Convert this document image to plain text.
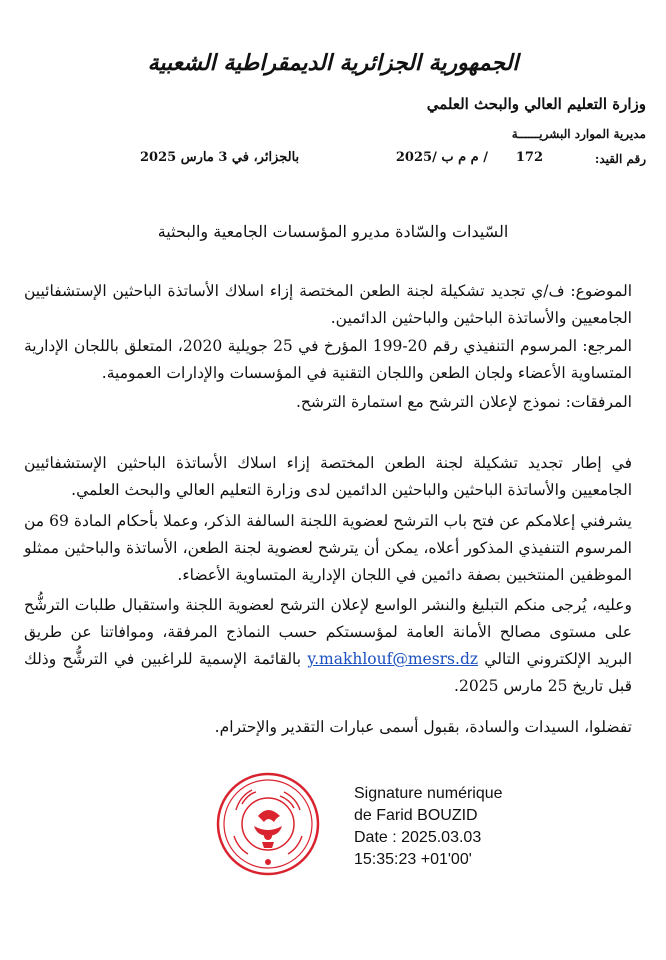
الجمهورية الجزائرية الديمقراطية الشعبية
وزارة التعليم العالي والبحث العلمي
مديرية الموارد البشريــــــة
رقم القيد:
172
/ م م ب /2025
بالجزائر، في 3 مارس 2025
السّيدات والسّادة مديرو المؤسسات الجامعية والبحثية
الموضوع: ف/ي تجديد تشكيلة لجنة الطعن المختصة إزاء اسلاك الأساتذة الباحثين الإستشفائيين الجامعيين والأساتذة الباحثين والباحثين الدائمين.
المرجع: المرسوم التنفيذي رقم 20-199 المؤرخ في 25 جويلية 2020، المتعلق باللجان الإدارية المتساوية الأعضاء ولجان الطعن واللجان التقنية في المؤسسات والإدارات العمومية.
المرفقات: نموذج لإعلان الترشح مع استمارة الترشح.
في إطار تجديد تشكيلة لجنة الطعن المختصة إزاء اسلاك الأساتذة الباحثين الإستشفائيين الجامعيين والأساتذة الباحثين والباحثين الدائمين لدى وزارة التعليم العالي والبحث العلمي.
يشرفني إعلامكم عن فتح باب الترشح لعضوية اللجنة السالفة الذكر، وعملا بأحكام المادة 69 من المرسوم التنفيذي المذكور أعلاه، يمكن أن يترشح لعضوية لجنة الطعن، الأساتذة والباحثين ممثلو الموظفين المنتخبين بصفة دائمين في اللجان الإدارية المتساوية الأعضاء.
وعليه، يُرجى منكم التبليغ والنشر الواسع لإعلان الترشح لعضوية اللجنة واستقبال طلبات الترشُّح على مستوى مصالح الأمانة العامة لمؤسستكم حسب النماذج المرفقة، وموافاتنا عن طريق البريد الإلكتروني التالي y.makhlouf@mesrs.dz بالقائمة الإسمية للراغبين في الترشُّح وذلك قبل تاريخ 25 مارس 2025.
تفضلوا، السيدات والسادة، بقبول أسمى عبارات التقدير والإحترام.
Signature numérique
de Farid BOUZID
Date : 2025.03.03
15:35:23 +01'00'
